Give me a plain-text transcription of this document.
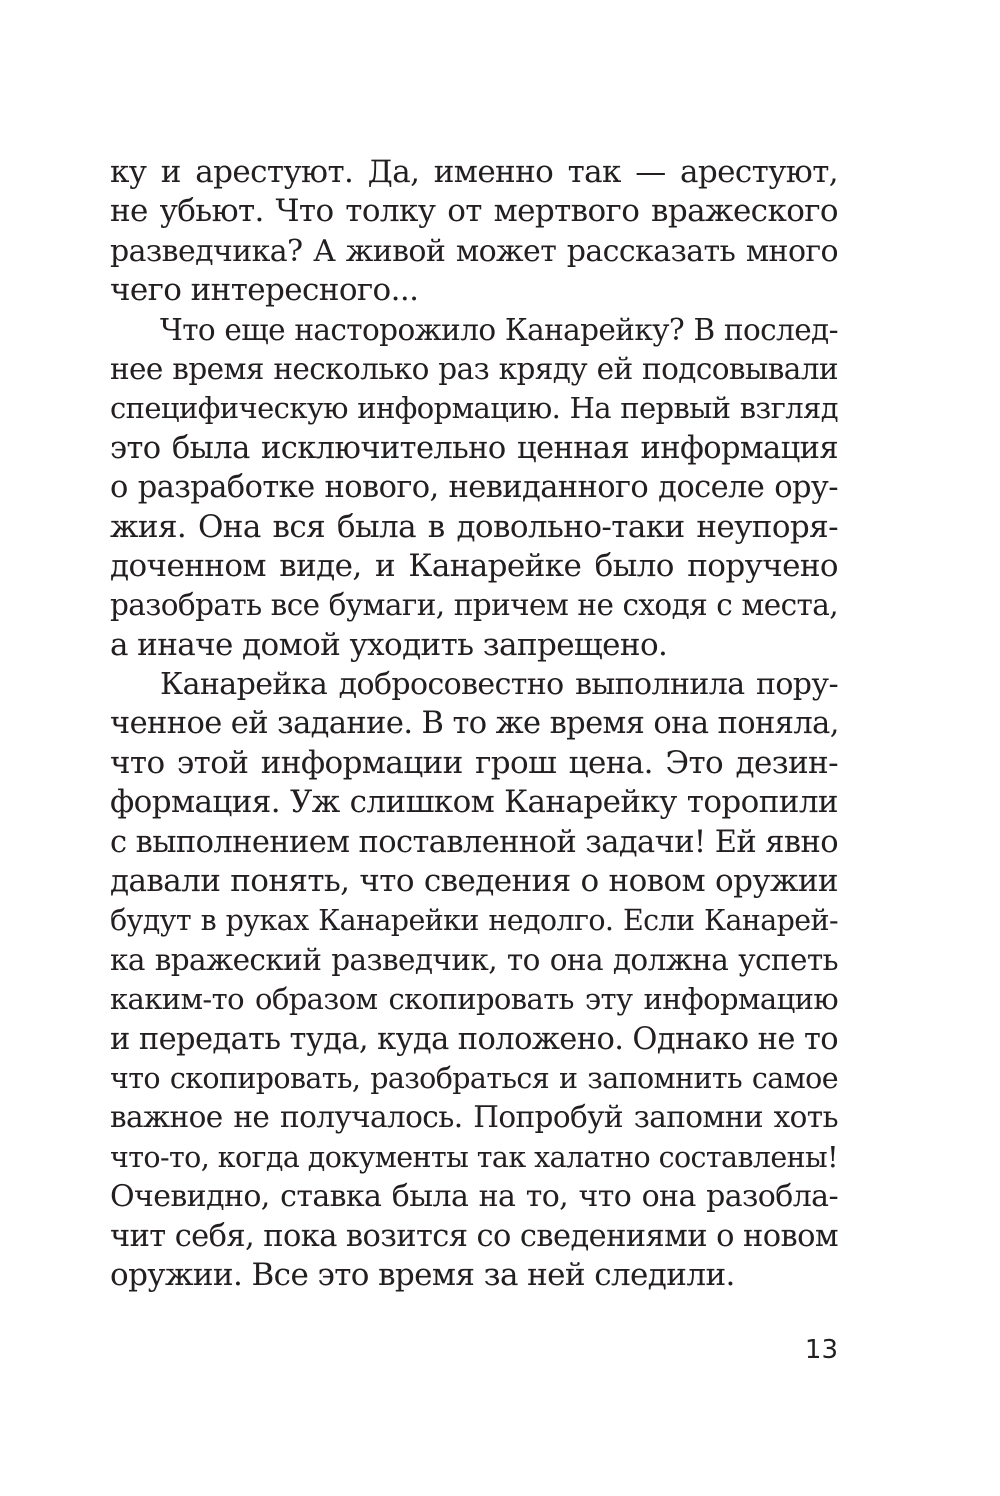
ку и арестуют. Да, именно так — арестуют,
не убьют. Что толку от мертвого вражеского
разведчика? А живой может рассказать много
чего интересного...
Что еще насторожило Канарейку? В послед-
нее время несколько раз кряду ей подсовывали
специфическую информацию. На первый взгляд
это была исключительно ценная информация
о разработке нового, невиданного доселе ору-
жия. Она вся была в довольно-таки неупоря-
доченном виде, и Канарейке было поручено
разобрать все бумаги, причем не сходя с места,
а иначе домой уходить запрещено.
Канарейка добросовестно выполнила пору-
ченное ей задание. В то же время она поняла,
что этой информации грош цена. Это дезин-
формация. Уж слишком Канарейку торопили
с выполнением поставленной задачи! Ей явно
давали понять, что сведения о новом оружии
будут в руках Канарейки недолго. Если Канарей-
ка вражеский разведчик, то она должна успеть
каким-то образом скопировать эту информацию
и передать туда, куда положено. Однако не то
что скопировать, разобраться и запомнить самое
важное не получалось. Попробуй запомни хоть
что-то, когда документы так халатно составлены!
Очевидно, ставка была на то, что она разобла-
чит себя, пока возится со сведениями о новом
оружии. Все это время за ней следили.
13
